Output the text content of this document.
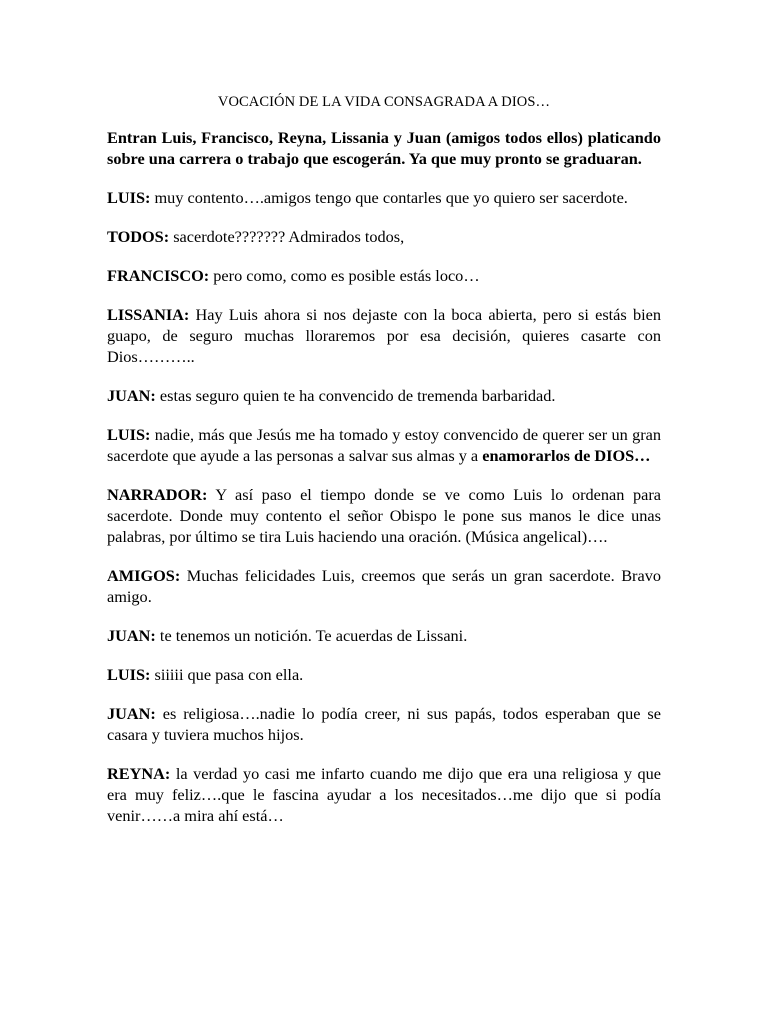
VOCACIÓN DE LA VIDA CONSAGRADA A DIOS…

Entran Luis, Francisco, Reyna, Lissania y Juan (amigos todos ellos) platicando sobre una carrera o trabajo que escogerán. Ya que muy pronto se graduaran.

LUIS: muy contento….amigos tengo que contarles que yo quiero ser sacerdote.

TODOS: sacerdote??????? Admirados todos,

FRANCISCO: pero como, como es posible estás loco…

LISSANIA: Hay Luis ahora si nos dejaste con la boca abierta, pero si estás bien guapo, de seguro muchas lloraremos por esa decisión, quieres casarte con Dios………..

JUAN: estas seguro quien te ha convencido de tremenda barbaridad.

LUIS: nadie, más que Jesús me ha tomado y estoy convencido de querer ser un gran sacerdote que ayude a las personas a salvar sus almas y a enamorarlos de DIOS…

NARRADOR: Y así paso el tiempo donde se ve como Luis lo ordenan para sacerdote. Donde muy contento el señor Obispo le pone sus manos le dice unas palabras, por último se tira Luis haciendo una oración. (Música angelical)….

AMIGOS: Muchas felicidades Luis, creemos que serás un gran sacerdote. Bravo amigo.

JUAN: te tenemos un notición. Te acuerdas de Lissani.

LUIS: siiiii que pasa con ella.

JUAN: es religiosa….nadie lo podía creer, ni sus papás, todos esperaban que se casara y tuviera muchos hijos.

REYNA: la verdad yo casi me infarto cuando me dijo que era una religiosa y que era muy feliz….que le fascina ayudar a los necesitados…me dijo que si podía venir……a mira ahí está…
